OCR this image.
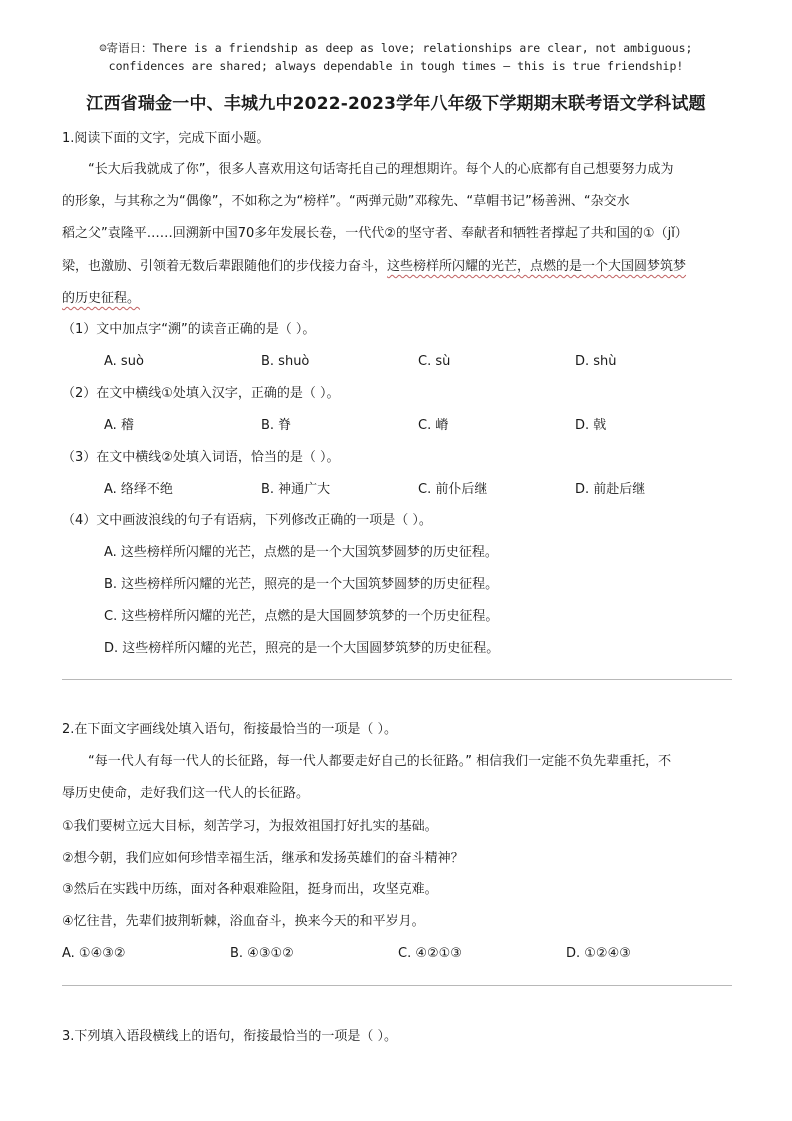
☺寄语日：There is a friendship as deep as love; relationships are clear, not ambiguous;
confidences are shared; always dependable in tough times — this is true friendship!
江西省瑞金一中、丰城九中2022-2023学年八年级下学期期末联考语文学科试题
1.阅读下面的文字，完成下面小题。
“长大后我就成了你”，很多人喜欢用这句话寄托自己的理想期许。每个人的心底都有自己想要努力成为
的形象，与其称之为“偶像”，不如称之为“榜样”。“两弹元勋”邓稼先、“草帽书记”杨善洲、“杂交水
稻之父”袁隆平……回溯新中国70多年发展长卷，一代代②的坚守者、奉献者和牺牲者撑起了共和国的①（jǐ）
梁，也激励、引领着无数后辈跟随他们的步伐接力奋斗，这些榜样所闪耀的光芒，点燃的是一个大国圆梦筑梦
的历史征程。
（1）文中加点字“溯”的读音正确的是（ ）。
A. suò	B. shuò	C. sù	D. shù
（2）在文中横线①处填入汉字，正确的是（ ）。
A. 稽	B. 脊	C. 嵴	D. 戟
（3）在文中横线②处填入词语，恰当的是（ ）。
A. 络绎不绝	B. 神通广大	C. 前仆后继	D. 前赴后继
（4）文中画波浪线的句子有语病，下列修改正确的一项是（ ）。
A. 这些榜样所闪耀的光芒，点燃的是一个大国筑梦圆梦的历史征程。
B. 这些榜样所闪耀的光芒，照亮的是一个大国筑梦圆梦的历史征程。
C. 这些榜样所闪耀的光芒，点燃的是大国圆梦筑梦的一个历史征程。
D. 这些榜样所闪耀的光芒，照亮的是一个大国圆梦筑梦的历史征程。
2.在下面文字画线处填入语句，衔接最恰当的一项是（ ）。
“每一代人有每一代人的长征路，每一代人都要走好自己的长征路。” 相信我们一定能不负先辈重托，不
辱历史使命，走好我们这一代人的长征路。
①我们要树立远大目标，刻苦学习，为报效祖国打好扎实的基础。
②想今朝，我们应如何珍惜幸福生活，继承和发扬英雄们的奋斗精神？
③然后在实践中历练，面对各种艰难险阻，挺身而出，攻坚克难。
④忆往昔，先辈们披荆斩棘，浴血奋斗，换来今天的和平岁月。
A. ①④③②	B. ④③①②	C. ④②①③	D. ①②④③
3.下列填入语段横线上的语句，衔接最恰当的一项是（ ）。
